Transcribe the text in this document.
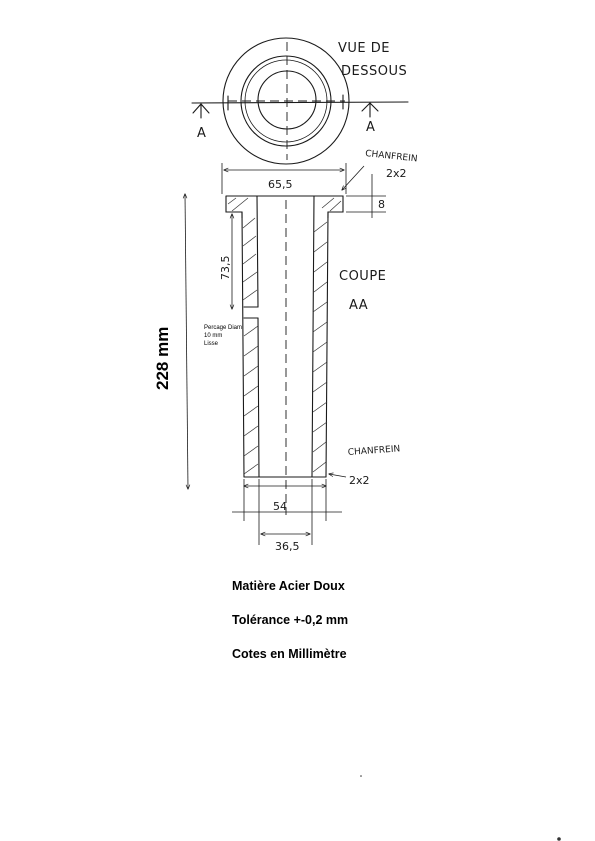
A	A
VUE DE
DESSOUS
COUPE
AA
65,5
8
CHANFREIN
2x2
73,5
228 mm	Percage Diam
10 mm
Lisse
54
36,5
CHANFREIN
2x2

Matière Acier Doux

Tolérance +-0,2 mm

Cotes en Millimètre
